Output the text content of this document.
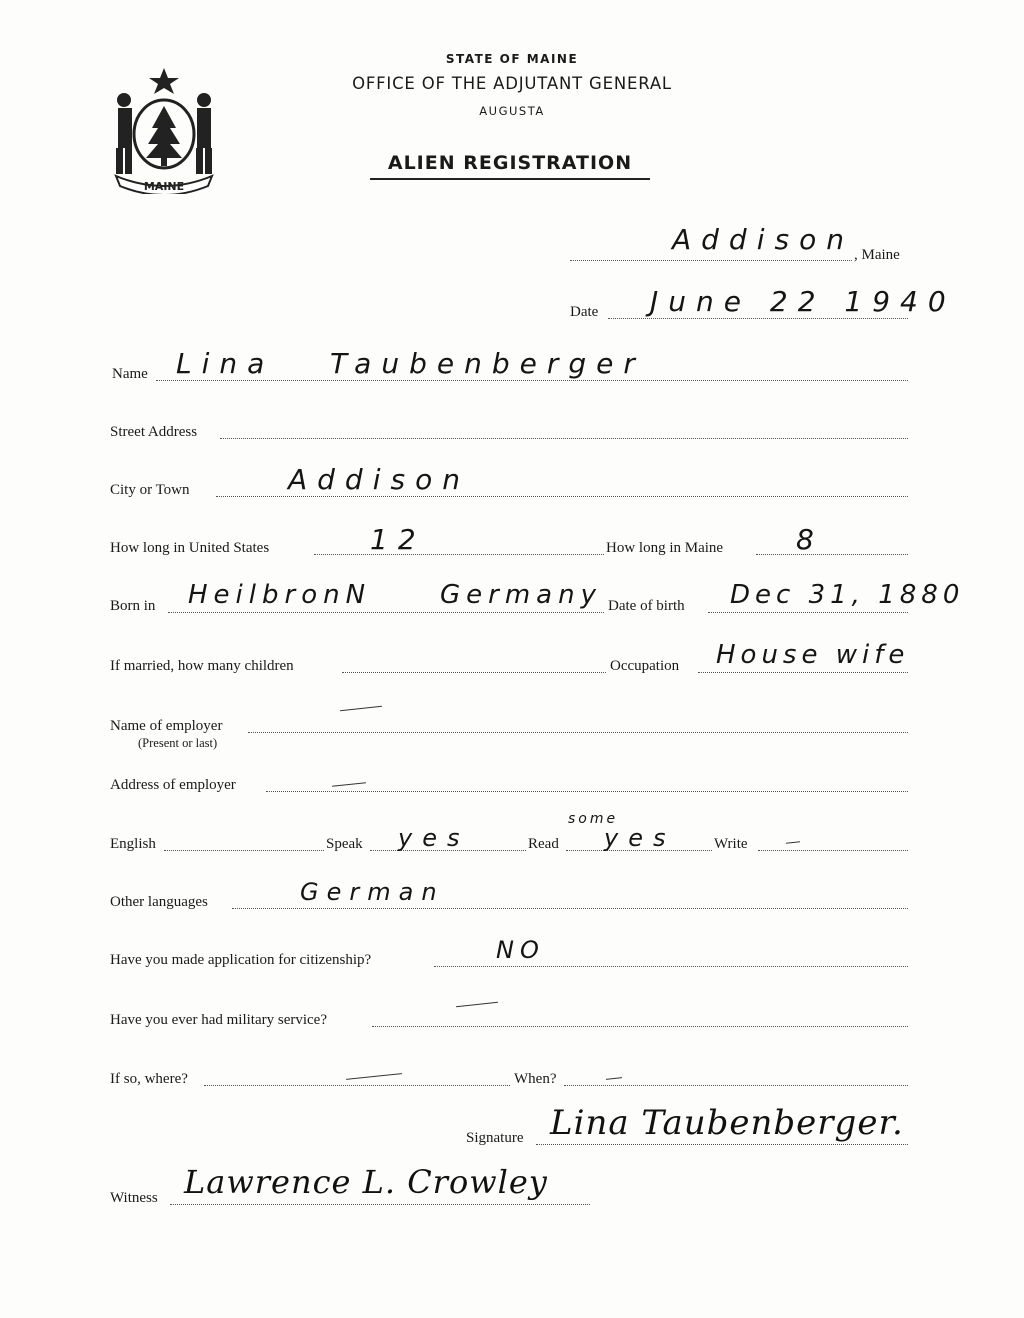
MAINE
STATE OF MAINE
OFFICE OF THE ADJUTANT GENERAL
AUGUSTA
ALIEN REGISTRATION
Addison , Maine
Date June 22 1940
Name Lina Taubenberger
Street Address
City or Town	Addison
How long in United States	12	How long in Maine	8
Born in HeilbronN	Germany Date of birth Dec 31, 1880
If married, how many children	Occupation House wife
Name of employer
(Present or last)
Address of employer
English	Speak yes
some
Read yes	Write
Other languages	German
Have you made application for citizenship?	NO
Have you ever had military service?
If so, where?	When?
Signature Lina Taubenberger.
Witness Lawrence L. Crowley
